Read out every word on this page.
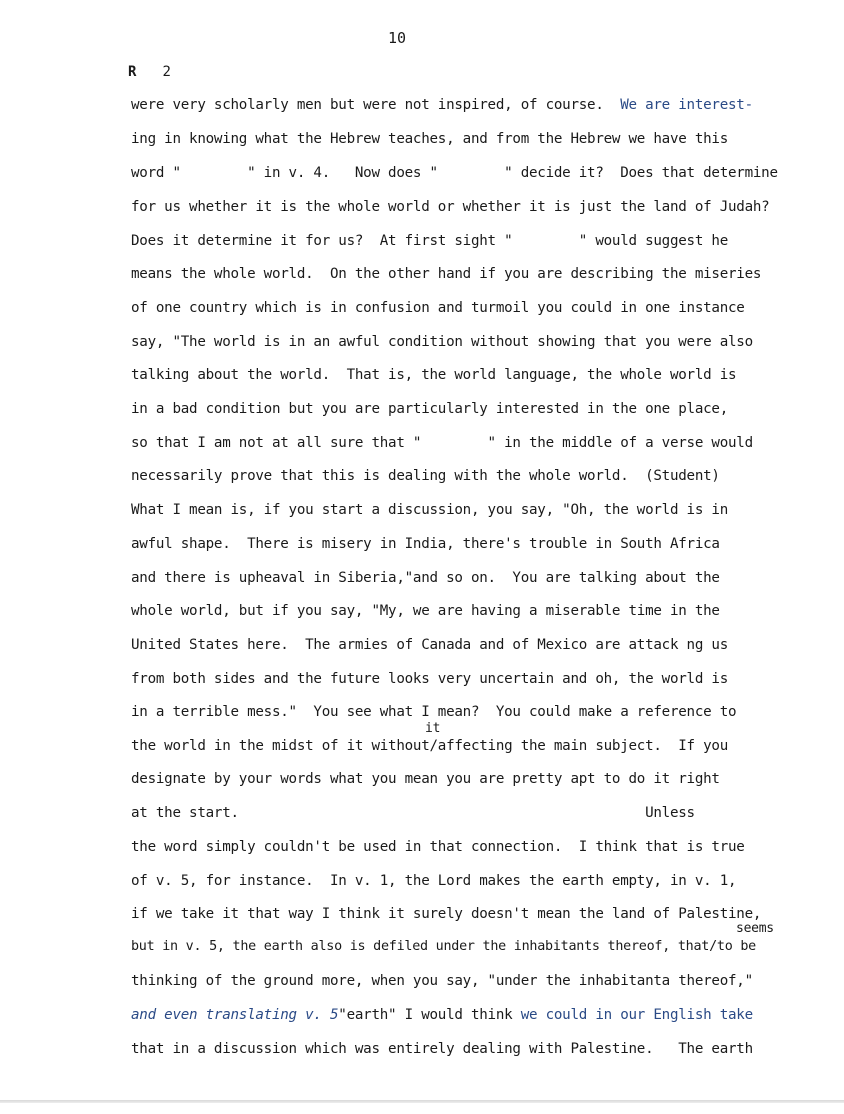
10
R 2
were very scholarly men but were not inspired, of course.  We are interest-
ing in knowing what the Hebrew teaches, and from the Hebrew we have this
word "        " in v. 4.   Now does "        " decide it?  Does that determine
for us whether it is the whole world or whether it is just the land of Judah?
Does it determine it for us?  At first sight "        " would suggest he
means the whole world.  On the other hand if you are describing the miseries
of one country which is in confusion and turmoil you could in one instance
say, "The world is in an awful condition without showing that you were also
talking about the world.  That is, the world language, the whole world is
in a bad condition but you are particularly interested in the one place,
so that I am not at all sure that "        " in the middle of a verse would
necessarily prove that this is dealing with the whole world.  (Student)
What I mean is, if you start a discussion, you say, "Oh, the world is in
awful shape.  There is misery in India, there's trouble in South Africa
and there is upheaval in Siberia,"and so on.  You are talking about the
whole world, but if you say, "My, we are having a miserable time in the
United States here.  The armies of Canada and of Mexico are attack ng us
from both sides and the future looks very uncertain and oh, the world is
in a terrible mess."  You see what I mean?  You could make a reference to
it
the world in the midst of it without/affecting the main subject.  If you
designate by your words what you mean you are pretty apt to do it right
at the start.                                                 Unless
the word simply couldn't be used in that connection.  I think that is true
of v. 5, for instance.  In v. 1, the Lord makes the earth empty, in v. 1,
if we take it that way I think it surely doesn't mean the land of Palestine,
seems
but in v. 5, the earth also is defiled under the inhabitants thereof, that/to be
thinking of the ground more, when you say, "under the inhabitanta thereof,"
and even translating v. 5"earth" I would think we could in our English take
that in a discussion which was entirely dealing with Palestine.   The earth
